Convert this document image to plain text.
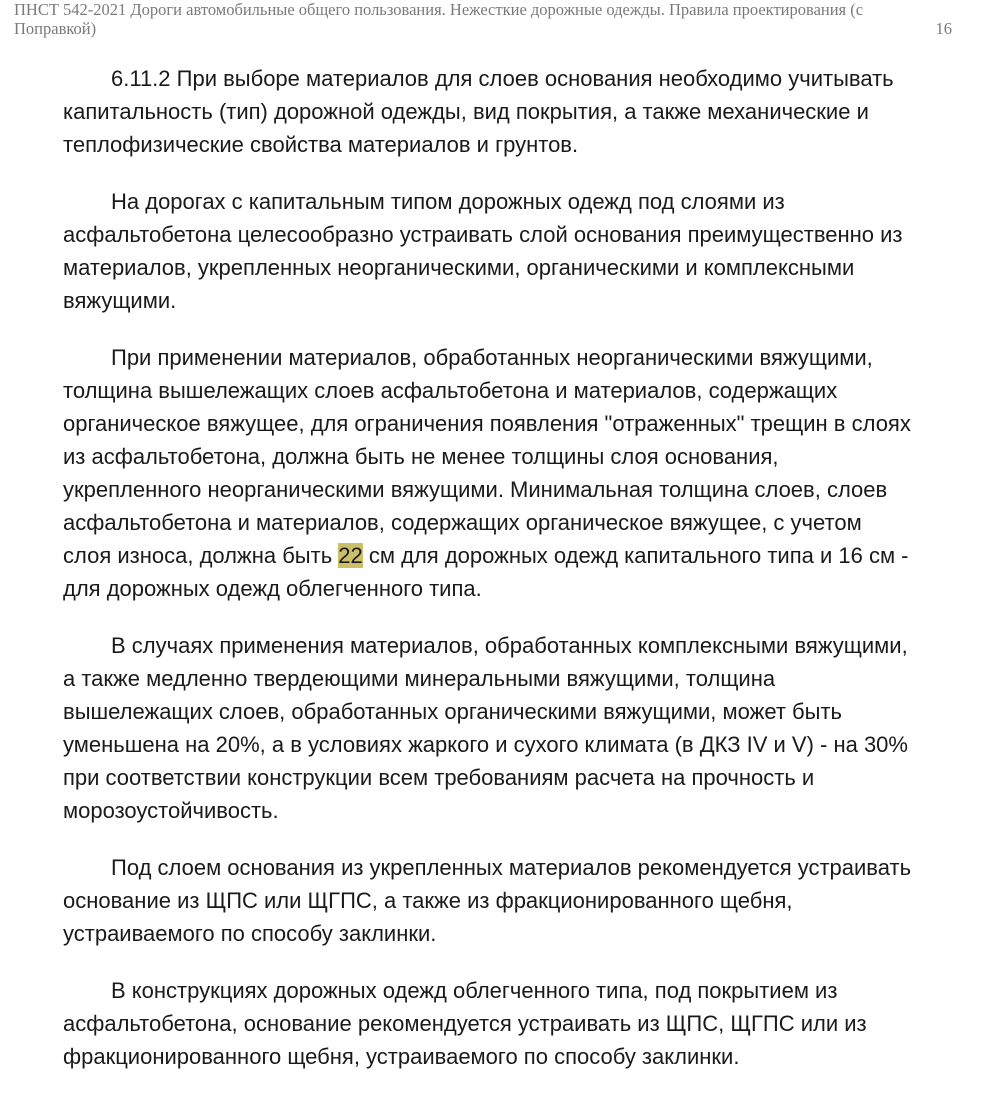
ПНСТ 542-2021 Дороги автомобильные общего пользования. Нежесткие дорожные одежды. Правила проектирования (с
Поправкой)	16
6.11.2 При выборе материалов для слоев основания необходимо учитывать
капитальность (тип) дорожной одежды, вид покрытия, а также механические и
теплофизические свойства материалов и грунтов.
На дорогах с капитальным типом дорожных одежд под слоями из
асфальтобетона целесообразно устраивать слой основания преимущественно из
материалов, укрепленных неорганическими, органическими и комплексными
вяжущими.
При применении материалов, обработанных неорганическими вяжущими,
толщина вышележащих слоев асфальтобетона и материалов, содержащих
органическое вяжущее, для ограничения появления "отраженных" трещин в слоях
из асфальтобетона, должна быть не менее толщины слоя основания,
укрепленного неорганическими вяжущими. Минимальная толщина слоев, слоев
асфальтобетона и материалов, содержащих органическое вяжущее, с учетом
слоя износа, должна быть 22 см для дорожных одежд капитального типа и 16 см -
для дорожных одежд облегченного типа.
В случаях применения материалов, обработанных комплексными вяжущими,
а также медленно твердеющими минеральными вяжущими, толщина
вышележащих слоев, обработанных органическими вяжущими, может быть
уменьшена на 20%, а в условиях жаркого и сухого климата (в ДКЗ IV и V) - на 30%
при соответствии конструкции всем требованиям расчета на прочность и
морозоустойчивость.
Под слоем основания из укрепленных материалов рекомендуется устраивать
основание из ЩПС или ЩГПС, а также из фракционированного щебня,
устраиваемого по способу заклинки.
В конструкциях дорожных одежд облегченного типа, под покрытием из
асфальтобетона, основание рекомендуется устраивать из ЩПС, ЩГПС или из
фракционированного щебня, устраиваемого по способу заклинки.
